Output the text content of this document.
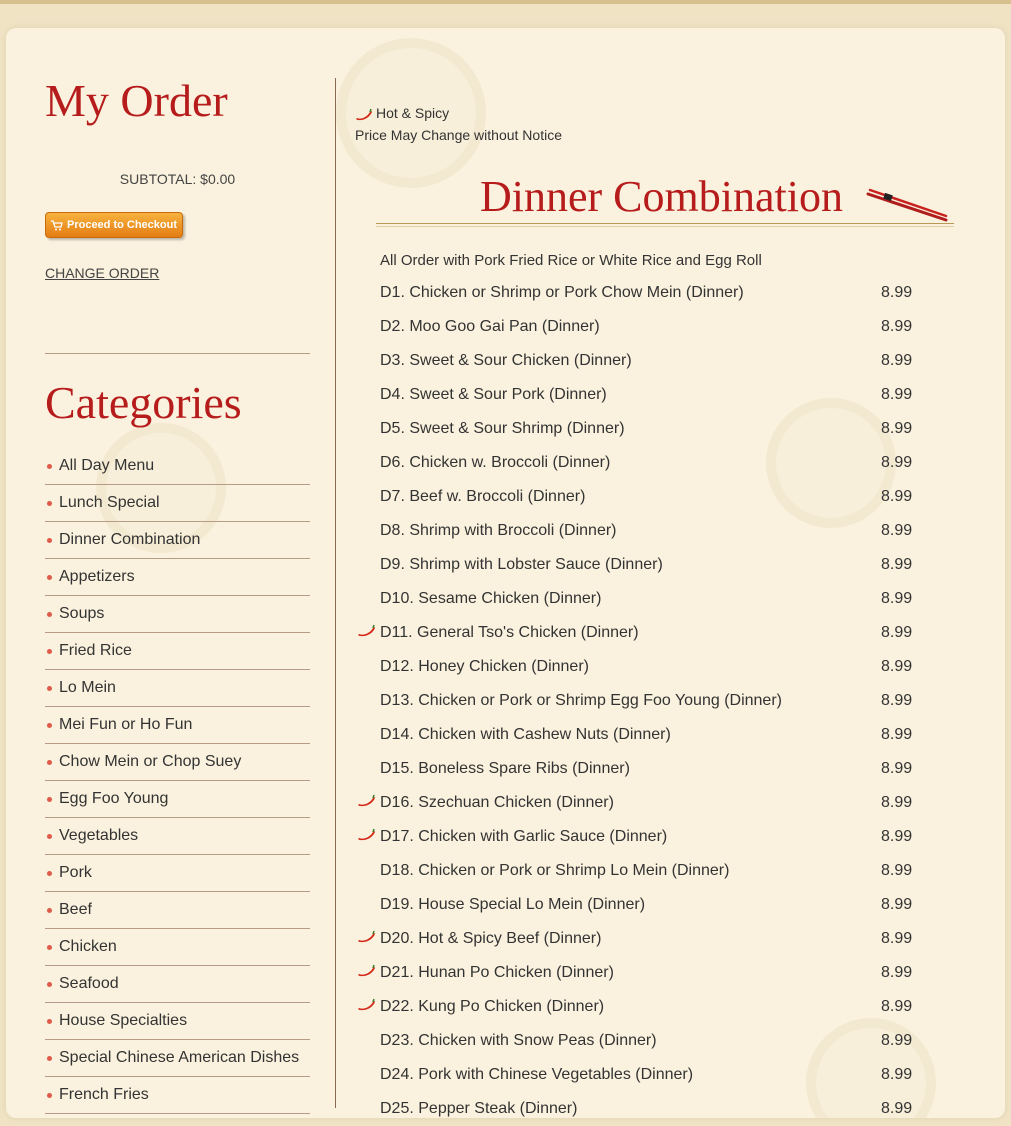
My Order
SUBTOTAL: $0.00
Proceed to Checkout
CHANGE ORDER
Categories
All Day Menu
Lunch Special
Dinner Combination
Appetizers
Soups
Fried Rice
Lo Mein
Mei Fun or Ho Fun
Chow Mein or Chop Suey
Egg Foo Young
Vegetables
Pork
Beef
Chicken
Seafood
House Specialties
Special Chinese American Dishes
French Fries
Hot & Spicy
Price May Change without Notice
Dinner Combination
All Order with Pork Fried Rice or White Rice and Egg Roll
D1. Chicken or Shrimp or Pork Chow Mein (Dinner)	8.99
D2. Moo Goo Gai Pan (Dinner)	8.99
D3. Sweet & Sour Chicken (Dinner)	8.99
D4. Sweet & Sour Pork (Dinner)	8.99
D5. Sweet & Sour Shrimp (Dinner)	8.99
D6. Chicken w. Broccoli (Dinner)	8.99
D7. Beef w. Broccoli (Dinner)	8.99
D8. Shrimp with Broccoli (Dinner)	8.99
D9. Shrimp with Lobster Sauce (Dinner)	8.99
D10. Sesame Chicken (Dinner)	8.99
D11. General Tso's Chicken (Dinner)	8.99
D12. Honey Chicken (Dinner)	8.99
D13. Chicken or Pork or Shrimp Egg Foo Young (Dinner)	8.99
D14. Chicken with Cashew Nuts (Dinner)	8.99
D15. Boneless Spare Ribs (Dinner)	8.99
D16. Szechuan Chicken (Dinner)	8.99
D17. Chicken with Garlic Sauce (Dinner)	8.99
D18. Chicken or Pork or Shrimp Lo Mein (Dinner)	8.99
D19. House Special Lo Mein (Dinner)	8.99
D20. Hot & Spicy Beef (Dinner)	8.99
D21. Hunan Po Chicken (Dinner)	8.99
D22. Kung Po Chicken (Dinner)	8.99
D23. Chicken with Snow Peas (Dinner)	8.99
D24. Pork with Chinese Vegetables (Dinner)	8.99
D25. Pepper Steak (Dinner)	8.99
